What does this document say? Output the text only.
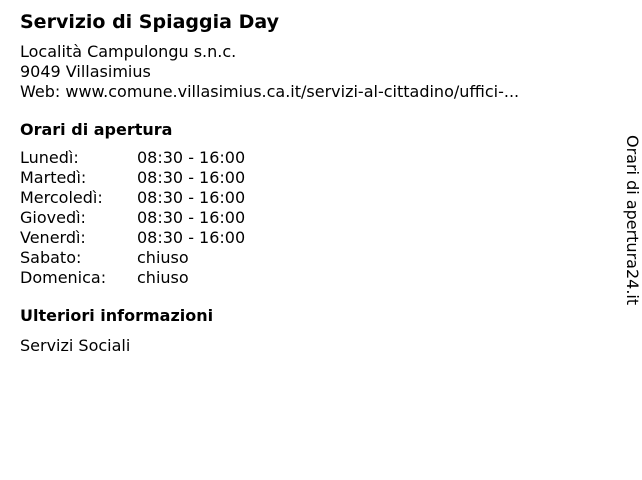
Servizio di Spiaggia Day
Località Campulongu s.n.c.
9049 Villasimius
Web: www.comune.villasimius.ca.it/servizi-al-cittadino/uffici-...
Orari di apertura
Lunedì:	08:30 - 16:00
Martedì:	08:30 - 16:00
Mercoledì:	08:30 - 16:00
Giovedì:	08:30 - 16:00
Venerdì:	08:30 - 16:00
Sabato:	chiuso
Domenica:	chiuso
Ulteriori informazioni
Servizi Sociali
Orari di apertura24.it
